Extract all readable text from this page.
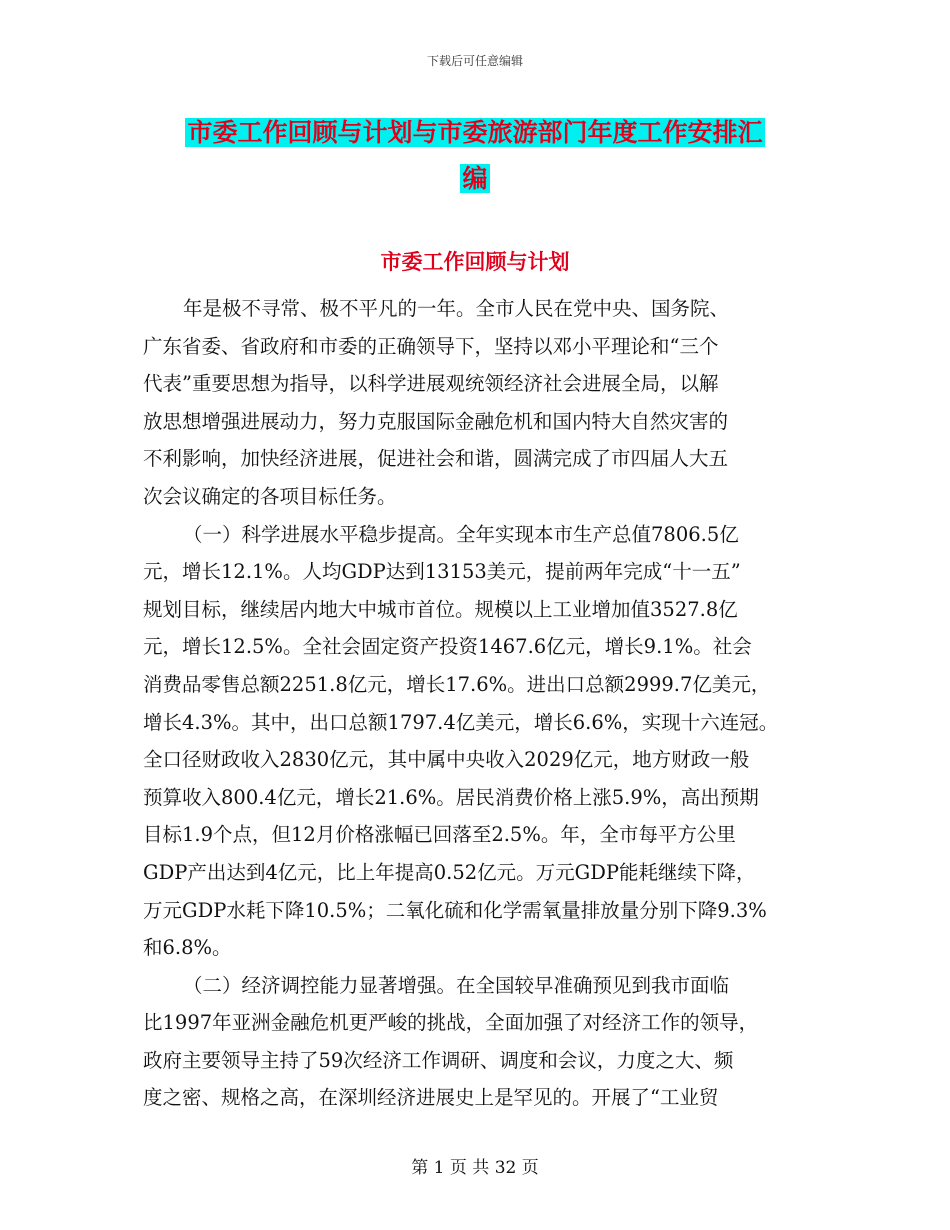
下载后可任意编辑
市委工作回顾与计划与市委旅游部门年度工作安排汇
编
市委工作回顾与计划
年是极不寻常、极不平凡的一年。全市人民在党中央、国务院、
广东省委、省政府和市委的正确领导下，坚持以邓小平理论和“三个
代表”重要思想为指导，以科学进展观统领经济社会进展全局，以解
放思想增强进展动力，努力克服国际金融危机和国内特大自然灾害的
不利影响，加快经济进展，促进社会和谐，圆满完成了市四届人大五
次会议确定的各项目标任务。
（一）科学进展水平稳步提高。全年实现本市生产总值7806.5亿
元，增长12.1%。人均GDP达到13153美元，提前两年完成“十一五”
规划目标，继续居内地大中城市首位。规模以上工业增加值3527.8亿
元，增长12.5%。全社会固定资产投资1467.6亿元，增长9.1%。社会
消费品零售总额2251.8亿元，增长17.6%。进出口总额2999.7亿美元，
增长4.3%。其中，出口总额1797.4亿美元，增长6.6%，实现十六连冠。
全口径财政收入2830亿元，其中属中央收入2029亿元，地方财政一般
预算收入800.4亿元，增长21.6%。居民消费价格上涨5.9%，高出预期
目标1.9个点，但12月价格涨幅已回落至2.5%。年，全市每平方公里
GDP产出达到4亿元，比上年提高0.52亿元。万元GDP能耗继续下降，
万元GDP水耗下降10.5%；二氧化硫和化学需氧量排放量分别下降9.3%
和6.8%。
（二）经济调控能力显著增强。在全国较早准确预见到我市面临
比1997年亚洲金融危机更严峻的挑战，全面加强了对经济工作的领导，
政府主要领导主持了59次经济工作调研、调度和会议，力度之大、频
度之密、规格之高，在深圳经济进展史上是罕见的。开展了“工业贸
第 1 页 共 32 页
